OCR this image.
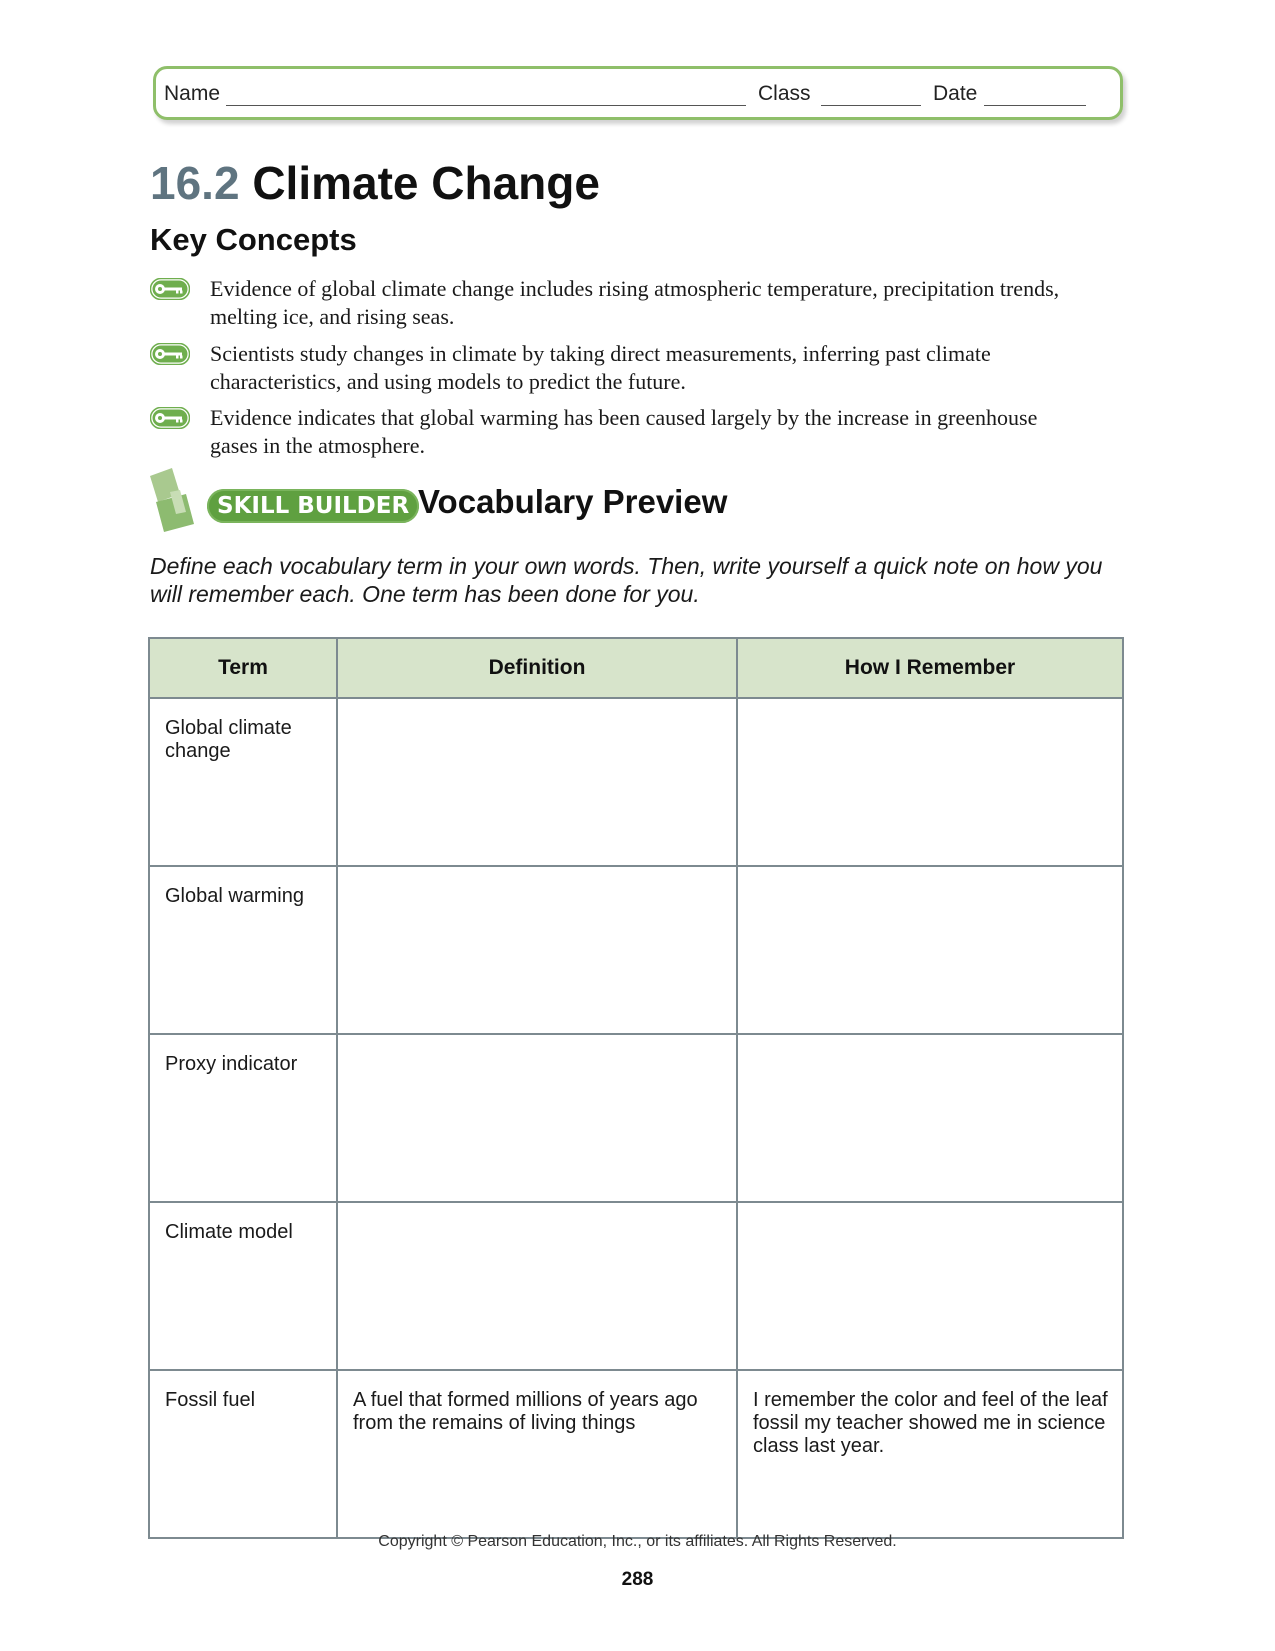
Name	Class	Date
16.2 Climate Change
Key Concepts

Evidence of global climate change includes rising atmospheric temperature, precipitation trends, melting ice, and rising seas.

Scientists study changes in climate by taking direct measurements, inferring past climate characteristics, and using models to predict the future.

Evidence indicates that global warming has been caused largely by the increase in greenhouse gases in the atmosphere.

SKILL BUILDER Vocabulary Preview

Define each vocabulary term in your own words. Then, write yourself a quick note on how you will remember each. One term has been done for you.

Term	Definition	How I Remember
Global climate change		
Global warming		
Proxy indicator		
Climate model		
Fossil fuel	A fuel that formed millions of years ago from the remains of living things	I remember the color and feel of the leaf fossil my teacher showed me in science class last year.
Copyright © Pearson Education, Inc., or its affiliates. All Rights Reserved.
288
